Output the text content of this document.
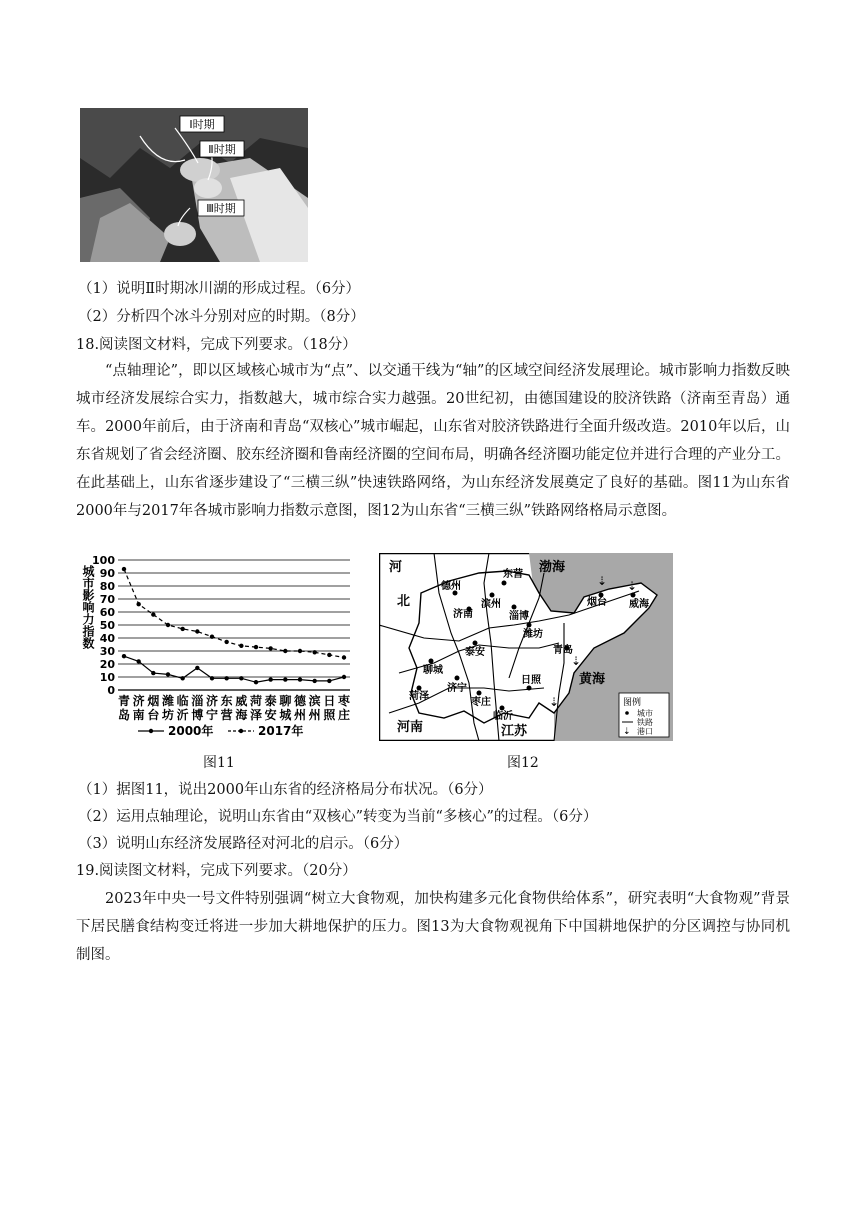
Ⅰ时期
Ⅱ时期
Ⅲ时期
（1）说明Ⅱ时期冰川湖的形成过程。（6分）
（2）分析四个冰斗分别对应的时期。（8分）
18.阅读图文材料，完成下列要求。（18分）
“点轴理论”，即以区域核心城市为“点”、以交通干线为“轴”的区域空间经济发展理论。城市影响力指数反映城市经济发展综合实力，指数越大，城市综合实力越强。20世纪初，由德国建设的胶济铁路（济南至青岛）通车。2000年前后，由于济南和青岛“双核心”城市崛起，山东省对胶济铁路进行全面升级改造。2010年以后，山东省规划了省会经济圈、胶东经济圈和鲁南经济圈的空间布局，明确各经济圈功能定位并进行合理的产业分工。在此基础上，山东省逐步建设了“三横三纵”快速铁路网络，为山东经济发展奠定了良好的基础。图11为山东省2000年与2017年各城市影响力指数示意图，图12为山东省“三横三纵”铁路网络格局示意图。
0
10
20
30
40
50
60
70
80
90
100
青
岛
济
南
烟
台
潍
坊
临
沂
淄
博
济
宁
东
营
威
海
菏
泽
泰
安
聊
城
德
州
滨
州
日
照
枣
庄
城市影响力指数
2000年	2017年
⇣ ⇣
⇣
⇣
河
北
渤海
黄海
河南	江苏
德州
东营
滨州
淄博
济南
烟台 威海
潍坊
聊城
泰安	青岛
菏泽
济宁
枣庄
临沂
日照
图例
城市
铁路
⇣ 港口
图11	图12
（1）据图11，说出2000年山东省的经济格局分布状况。（6分）
（2）运用点轴理论，说明山东省由“双核心”转变为当前“多核心”的过程。（6分）
（3）说明山东经济发展路径对河北的启示。（6分）
19.阅读图文材料，完成下列要求。（20分）
2023年中央一号文件特别强调“树立大食物观，加快构建多元化食物供给体系”，研究表明“大食物观”背景下居民膳食结构变迁将进一步加大耕地保护的压力。图13为大食物观视角下中国耕地保护的分区调控与协同机制图。
